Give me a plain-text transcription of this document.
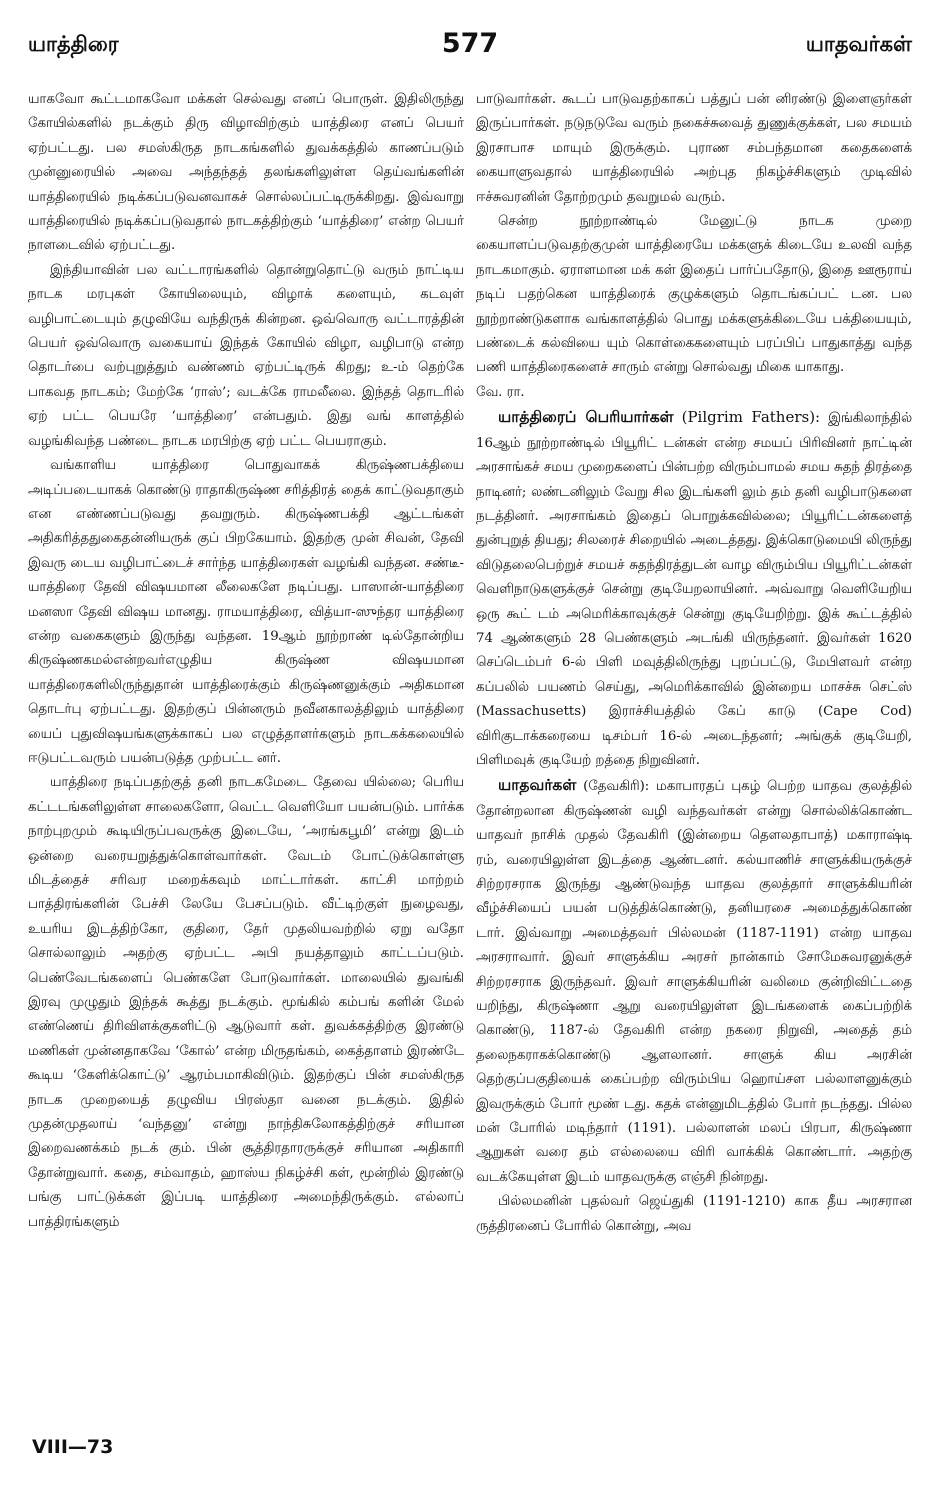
யாத்திரை	577	யாதவர்கள்

யாகவோ கூட்டமாகவோ மக்கள் செல்வது எனப் பொருள். இதிலிருந்து கோயில்களில் நடக்கும் திரு விழாவிற்கும் யாத்திரை எனப் பெயர் ஏற்பட்டது. பல சமஸ்கிருத நாடகங்களில் துவக்கத்தில் காணப்படும் முன்னுரையில் அவை அந்தந்தத் தலங்களிலுள்ள தெய்வங்களின் யாத்திரையில் நடிக்கப்படுவனவாகச் சொல்லப்பட்டிருக்கிறது. இவ்வாறு யாத்திரையில் நடிக்கப்படுவதால் நாடகத்திற்கும் ‘யாத்திரை’ என்ற பெயர் நாளடைவில் ஏற்பட்டது.

இந்தியாவின் பல வட்டாரங்களில் தொன்றுதொட்டு வரும் நாட்டிய நாடக மரபுகள் கோயிலையும், விழாக் களையும், கடவுள் வழிபாட்டையும் தழுவியே வந்திருக் கின்றன. ஒவ்வொரு வட்டாரத்தின் பெயர் ஒவ்வொரு வகையாய் இந்தக் கோயில் விழா, வழிபாடு என்ற தொடர்பை வற்புறுத்தும் வண்ணம் ஏற்பட்டிருக் கிறது; உ-ம் தெற்கே பாகவத நாடகம்; மேற்கே ‘ராஸ்’; வடக்கே ராமலீலை. இந்தத் தொடரில் ஏற் பட்ட பெயரே ‘யாத்திரை’ என்பதும். இது வங் காளத்தில் வழங்கிவந்த பண்டை நாடக மரபிற்கு ஏற் பட்ட பெயராகும்.

வங்காளிய யாத்திரை பொதுவாகக் கிருஷ்ணபக்தியை அடிப்படையாகக் கொண்டு ராதாகிருஷ்ண சரித்திரத் தைக் காட்டுவதாகும் என எண்ணப்படுவது தவறுரும். கிருஷ்ணபக்தி ஆட்டங்கள் அதிகரித்ததுகைதன்னியருக் குப் பிறகேயாம். இதற்கு முன் சிவன், தேவி இவரு டைய வழிபாட்டைச் சார்ந்த யாத்திரைகள் வழங்கி வந்தன. சண்டீ-யாத்திரை தேவி விஷயமான லீலைகளே நடிப்பது. பாஸான்-யாத்திரை மனஸா தேவி விஷய மானது. ராமயாத்திரை, வித்யா-ஸுந்தர யாத்திரை என்ற வகைகளும் இருந்து வந்தன. 19ஆம் நூற்றாண் டில்தோன்றிய கிருஷ்ணகமல்என்றவர்எழுதிய கிருஷ்ண விஷயமான யாத்திரைகளிலிருந்துதான் யாத்திரைக்கும் கிருஷ்ணனுக்கும் அதிகமான தொடர்பு ஏற்பட்டது. இதற்குப் பின்னரும் நவீனகாலத்திலும் யாத்திரை யைப் புதுவிஷயங்களுக்காகப் பல எழுத்தாளர்களும் நாடகக்கலையில் ஈடுபட்டவரும் பயன்படுத்த முற்பட்ட னர்.

யாத்திரை நடிப்பதற்குத் தனி நாடகமேடை தேவை யில்லை; பெரிய கட்டடங்களிலுள்ள சாலைகளோ, வெட்ட வெளியோ பயன்படும். பார்க்க நாற்புறமும் கூடியிருப்பவருக்கு இடையே, ‘அரங்கபூமி’ என்று இடம் ஒன்றை வரையறுத்துக்கொள்வார்கள். வேடம் போட்டுக்கொள்ளு மிடத்தைச் சரிவர மறைக்கவும் மாட்டார்கள். காட்சி மாற்றம் பாத்திரங்களின் பேச்சி லேயே பேசப்படும். வீட்டிற்குள் நுழைவது, உயரிய இடத்திற்கோ, குதிரை, தேர் முதலியவற்றில் ஏறு வதோ சொல்லாலும் அதற்கு ஏற்பட்ட அபி நயத்தாலும் காட்டப்படும். பெண்வேடங்களைப் பெண்களே போடுவார்கள். மாலையில் துவங்கி இரவு முழுதும் இந்தக் கூத்து நடக்கும். மூங்கில் கம்பங் களின் மேல் எண்ணெய் திரிவிளக்குகளிட்டு ஆடுவார் கள். துவக்கத்திற்கு இரண்டு மணிகள் முன்னதாகவே ‘கோல்’ என்ற மிருதங்கம், கைத்தாளம் இரண்டே கூடிய ‘கேளிக்கொட்டு’ ஆரம்பமாகிவிடும். இதற்குப் பின் சமஸ்கிருத நாடக முறையைத் தழுவிய பிரஸ்தா வனை நடக்கும். இதில் முதன்முதலாய் ‘வந்தனு’ என்று நாந்திசுலோகத்திற்குச் சரியான இறைவணக்கம் நடக் கும். பின் சூத்திரதாரருக்குச் சரியான அதிகாரி தோன்றுவார். கதை, சம்வாதம், ஹாஸ்ய நிகழ்ச்சி கள், மூன்றில் இரண்டு பங்கு பாட்டுக்கள் இப்படி யாத்திரை அமைந்திருக்கும். எல்லாப் பாத்திரங்களும்

பாடுவார்கள். கூடப் பாடுவதற்காகப் பத்துப் பன் னிரண்டு இளைஞர்கள் இருப்பார்கள். நடுநடுவே வரும் நகைச்சுவைத் துணுக்குக்கள், பல சமயம் இரசாபாச மாயும் இருக்கும். புராண சம்பந்தமான கதைகளைக் கையாளுவதால் யாத்திரையில் அற்புத நிகழ்ச்சிகளும் முடிவில் ஈச்சுவரனின் தோற்றமும் தவறுமல் வரும்.

சென்ற நூற்றாண்டில் மேனுட்டு நாடக முறை கையாளப்படுவதற்குமுன் யாத்திரையே மக்களுக் கிடையே உலவி வந்த நாடகமாகும். ஏராளமான மக் கள் இதைப் பார்ப்பதோடு, இதை ஊரூராய் நடிப் பதற்கென யாத்திரைக் குழுக்களும் தொடங்கப்பட் டன. பல நூற்றாண்டுகளாக வங்காளத்தில் பொது மக்களுக்கிடையே பக்தியையும், பண்டைக் கல்வியை யும் கொள்கைகளையும் பரப்பிப் பாதுகாத்து வந்த பணி யாத்திரைகளைச் சாரும் என்று சொல்வது மிகை யாகாது.

வே. ரா.

யாத்திரைப் பெரியார்கள் (Pilgrim Fathers): இங்கிலாந்தில் 16ஆம் நூற்றாண்டில் பியூரிட் டன்கள் என்ற சமயப் பிரிவினர் நாட்டின் அரசாங்கச் சமய முறைகளைப் பின்பற்ற விரும்பாமல் சமய சுதந் திரத்தை நாடினர்; லண்டனிலும் வேறு சில இடங்களி லும் தம் தனி வழிபாடுகளை நடத்தினர். அரசாங்கம் இதைப் பொறுக்கவில்லை; பியூரிட்டன்களைத் துன்புறுத் தியது; சிலரைச் சிறையில் அடைத்தது. இக்கொடுமையி லிருந்து விடுதலைபெற்றுச் சமயச் சுதந்திரத்துடன் வாழ விரும்பிய பியூரிட்டன்கள் வெளிநாடுகளுக்குச் சென்று குடியேறலாயினர். அவ்வாறு வெளியேறிய ஒரு கூட் டம் அமெரிக்காவுக்குச் சென்று குடியேறிற்று. இக் கூட்டத்தில் 74 ஆண்களும் 28 பெண்களும் அடங்கி யிருந்தனர். இவர்கள் 1620 செப்டெம்பர் 6-ல் பிளி மவுத்திலிருந்து புறப்பட்டு, மேபிளவர் என்ற கப்பலில் பயணம் செய்து, அமெரிக்காவில் இன்றைய மாசச்சு செட்ஸ் (Massachusetts) இராச்சியத்தில் கேப் காடு (Cape Cod) விரிகுடாக்கரையை டிசம்பர் 16-ல் அடைந்தனர்; அங்குக் குடியேறி, பிளிமவுக் குடியேற் றத்தை நிறுவினர்.

யாதவர்கள் (தேவகிரி): மகாபாரதப் புகழ் பெற்ற யாதவ குலத்தில் தோன்றலான கிருஷ்ணன் வழி வந்தவர்கள் என்று சொல்லிக்கொண்ட யாதவர் நாசிக் முதல் தேவகிரி (இன்றைய தௌலதாபாத்) மகாராஷ்டி ரம், வரையிலுள்ள இடத்தை ஆண்டனர். கல்யாணிச் சாளுக்கியருக்குச் சிற்றரசராக இருந்து ஆண்டுவந்த யாதவ குலத்தார் சாளுக்கியரின் வீழ்ச்சியைப் பயன் படுத்திக்கொண்டு, தனியரசை அமைத்துக்கொண் டார். இவ்வாறு அமைத்தவர் பில்லமன் (1187-1191) என்ற யாதவ அரசராவார். இவர் சாளுக்கிய அரசர் நான்காம் சோமேசுவரனுக்குச் சிற்றரசராக இருந்தவர். இவர் சாளுக்கியரின் வலிமை குன்றிவிட்டதை யறிந்து, கிருஷ்ணா ஆறு வரையிலுள்ள இடங்களைக் கைப்பற்றிக் கொண்டு, 1187-ல் தேவகிரி என்ற நகரை நிறுவி, அதைத் தம் தலைநகராகக்கொண்டு ஆளலானர். சாளுக் கிய அரசின் தெற்குப்பகுதியைக் கைப்பற்ற விரும்பிய ஹொய்சள பல்லாளனுக்கும் இவருக்கும் போர் மூண் டது. கதக் என்னுமிடத்தில் போர் நடந்தது. பில்ல மன் போரில் மடிந்தார் (1191). பல்லாளன் மலப் பிரபா, கிருஷ்ணா ஆறுகள் வரை தம் எல்லையை விரி வாக்கிக் கொண்டார். அதற்கு வடக்கேயுள்ள இடம் யாதவருக்கு எஞ்சி நின்றது.

பில்லமனின் புதல்வர் ஜெய்துகி (1191-1210) காக தீய அரசரான ருத்திரனைப் போரில் கொன்று, அவ

VIII—73
